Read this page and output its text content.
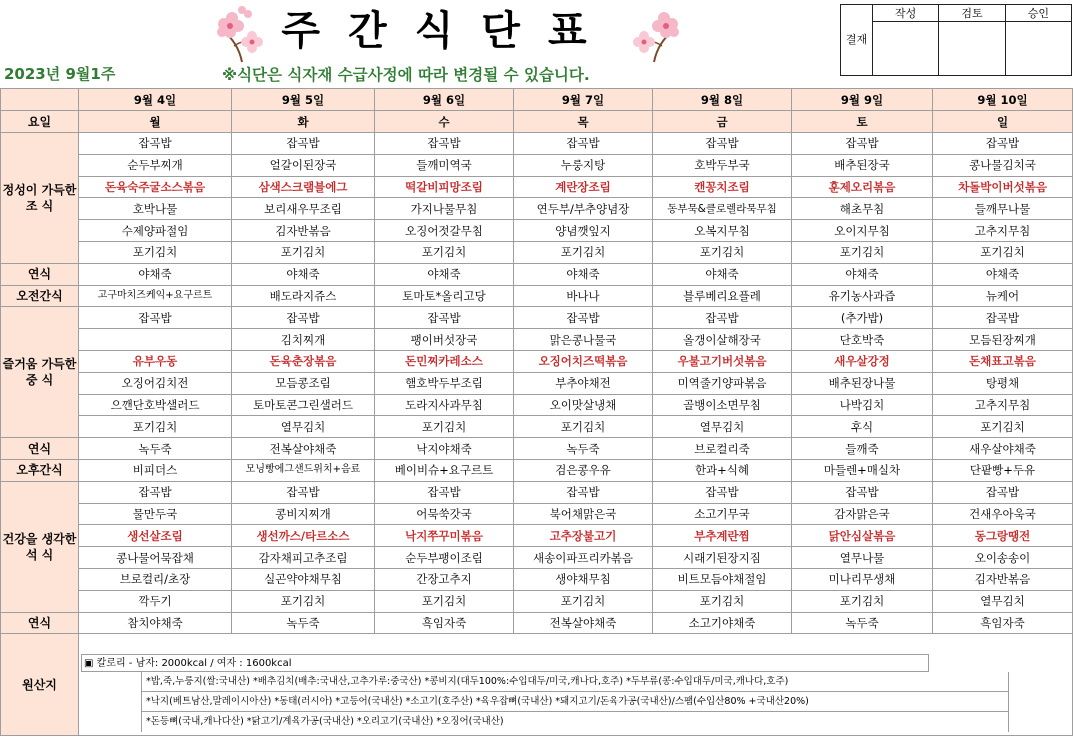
주간식단표
2023년 9월1주	※식단은 식자재 수급사정에 따라 변경될 수 있습니다.
결재	작성	검토	승인

	9월 4일	9월 5일	9월 6일	9월 7일	9월 8일	9월 9일	9월 10일
요일	월	화	수	목	금	토	일
정성이 가득한 조 식	잡곡밥	잡곡밥	잡곡밥	잡곡밥	잡곡밥	잡곡밥	잡곡밥
	순두부찌개	얼갈이된장국	들깨미역국	누룽지탕	호박두부국	배추된장국	콩나물김치국
	돈육숙주굴소스볶음	삼색스크램블에그	떡갈비피망조림	계란장조림	캔꽁치조림	훈제오리볶음	차돌박이버섯볶음
	호박나물	보리새우무조림	가지나물무침	연두부/부추양념장	동부묵&클로렐라묵무침	해초무침	들깨무나물
	수제양파절임	김자반볶음	오징어젓갈무침	양념깻잎지	오복지무침	오이지무침	고추지무침
	포기김치	포기김치	포기김치	포기김치	포기김치	포기김치	포기김치
연식	야채죽	야채죽	야채죽	야채죽	야채죽	야채죽	야채죽
오전간식	고구마치즈케익+요구르트	배도라지쥬스	토마토*올리고당	바나나	블루베리요플레	유기농사과즙	뉴케어
즐거움 가득한 중 식	잡곡밥	잡곡밥	잡곡밥	잡곡밥	잡곡밥	(추가밥)	잡곡밥
		김치찌개	팽이버섯장국	맑은콩나물국	올갱이살해장국	단호박죽	모듬된장찌개
	유부우동	돈육춘장볶음	돈민찌카레소스	오징어치즈떡볶음	우불고기버섯볶음	새우살강정	돈채표고볶음
	오징어김치전	모듬콩조림	햄호박두부조림	부추야채전	미역줄기양파볶음	배추된장나물	탕평채
	으깬단호박샐러드	토마토콘그린샐러드	도라지사과무침	오이맛살냉채	골뱅이소면무침	나박김치	고추지무침
	포기김치	열무김치	포기김치	포기김치	열무김치	후식	포기김치
연식	녹두죽	전복살야채죽	낙지야채죽	녹두죽	브로컬리죽	들깨죽	새우살야채죽
오후간식	비피더스	모닝빵에그샌드위치+음료	베이비슈+요구르트	검은콩우유	한과+식혜	마들렌+매실차	단팥빵+두유
건강을 생각한 석 식	잡곡밥	잡곡밥	잡곡밥	잡곡밥	잡곡밥	잡곡밥	잡곡밥
	물만두국	콩비지찌개	어묵쑥갓국	북어채맑은국	소고기무국	감자맑은국	건새우아욱국
	생선살조림	생선까스/타르소스	낙지쭈꾸미볶음	고추장불고기	부추계란찜	닭안심살볶음	동그랑땡전
	콩나물어묵잡채	감자채피고추조림	순두부팽이조림	새송이파프리카볶음	시래기된장지짐	열무나물	오이송송이
	브로컬리/초장	실곤약야채무침	간장고추지	생야채무침	비트모듬야채절임	미나리무생채	김자반볶음
	깍두기	포기김치	포기김치	포기김치	포기김치	포기김치	열무김치
연식	참치야채죽	녹두죽	흑임자죽	전복살야채죽	소고기야채죽	녹두죽	흑임자죽
원산지	▣ 칼로리 - 남자: 2000kcal / 여자 : 1600kcal
*밥,죽,누룽지(쌀:국내산) *배추김치(배추:국내산,고추가루:중국산) *콩비지(대두100%:수입대두/미국,캐나다,호주) *두부류(콩:수입대두/미국,캐나다,호주)
*낙지(베트남산,말레이시아산) *동태(러시아) *고등어(국내산) *소고기(호주산) *육우잡뼈(국내산) *돼지고기/돈육가공(국내산)/스팸(수입산80% +국내산20%)
*돈등뼈(국내,캐나다산) *닭고기/계육가공(국내산) *오리고기(국내산) *오징어(국내산)						
